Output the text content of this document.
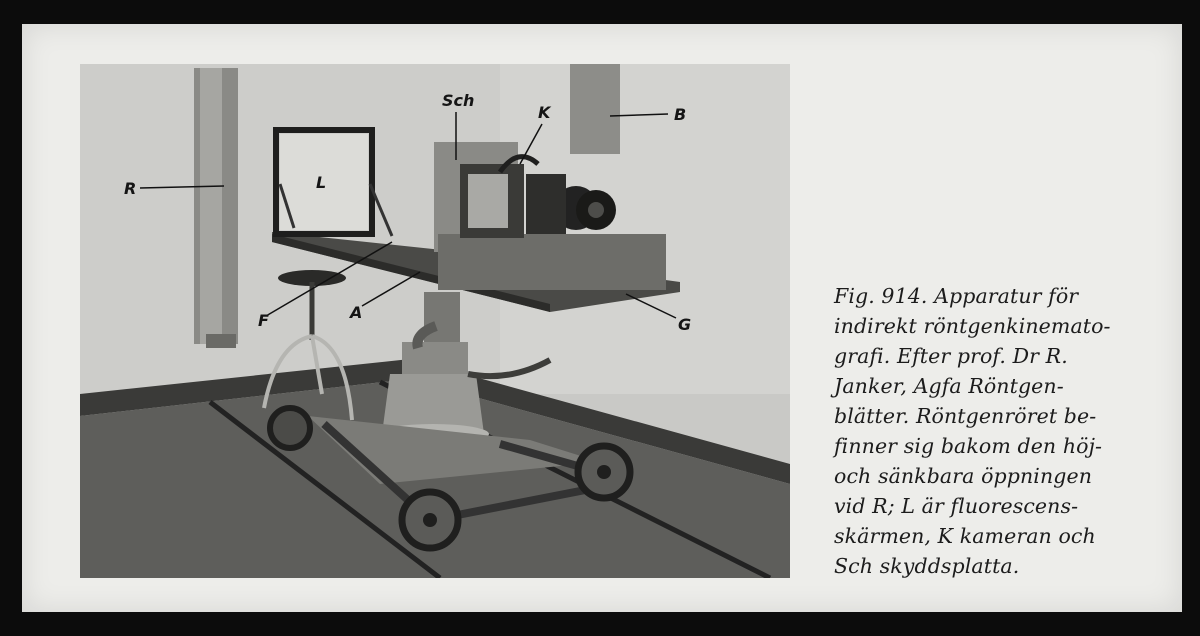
Sch
K	B
R	L
F	A
G
Fig. 914. Apparatur för
indirekt röntgenkinemato-
grafi. Efter prof. Dr R.
Janker, Agfa Röntgen-
blätter. Röntgenröret be-
finner sig bakom den höj-
och sänkbara öppningen
vid R; L är fluorescens-
skärmen, K kameran och
Sch skyddsplatta.
